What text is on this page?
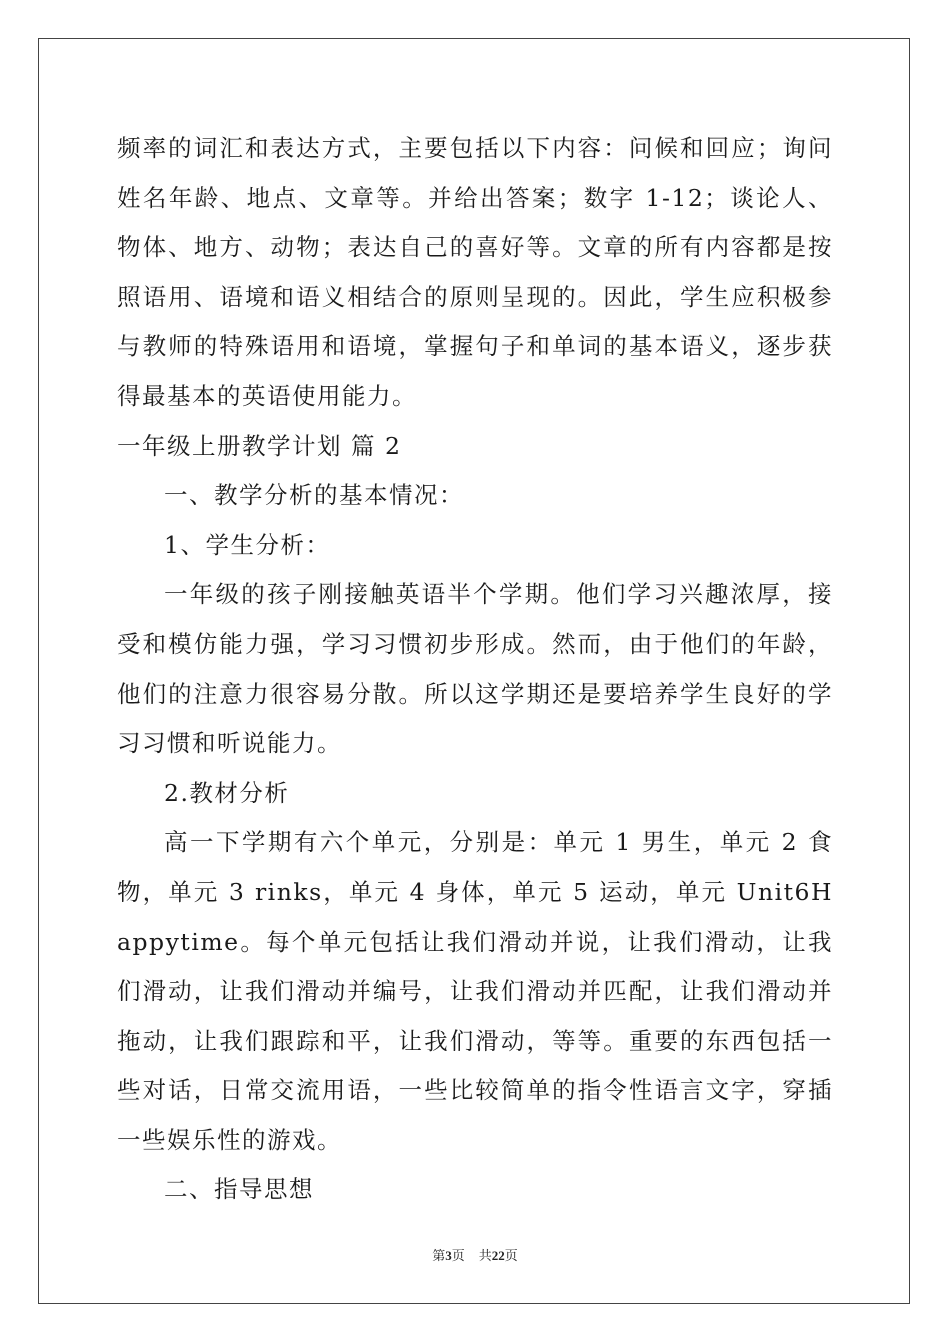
频率的词汇和表达方式，主要包括以下内容：问候和回应；询问姓名年龄、地点、文章等。并给出答案；数字 1-12；谈论人、物体、地方、动物；表达自己的喜好等。文章的所有内容都是按照语用、语境和语义相结合的原则呈现的。因此，学生应积极参与教师的特殊语用和语境，掌握句子和单词的基本语义，逐步获得最基本的英语使用能力。

一年级上册教学计划 篇 2

一、教学分析的基本情况：

1、学生分析：

一年级的孩子刚接触英语半个学期。他们学习兴趣浓厚，接受和模仿能力强，学习习惯初步形成。然而，由于他们的年龄，他们的注意力很容易分散。所以这学期还是要培养学生良好的学习习惯和听说能力。

2.教材分析

高一下学期有六个单元，分别是：单元 1 男生，单元 2 食物，单元 3 rinks，单元 4 身体，单元 5 运动，单元 Unit6Happytime。每个单元包括让我们滑动并说，让我们滑动，让我们滑动，让我们滑动并编号，让我们滑动并匹配，让我们滑动并拖动，让我们跟踪和平，让我们滑动，等等。重要的东西包括一些对话，日常交流用语，一些比较简单的指令性语言文字，穿插一些娱乐性的游戏。

二、指导思想

第3页 共22页
